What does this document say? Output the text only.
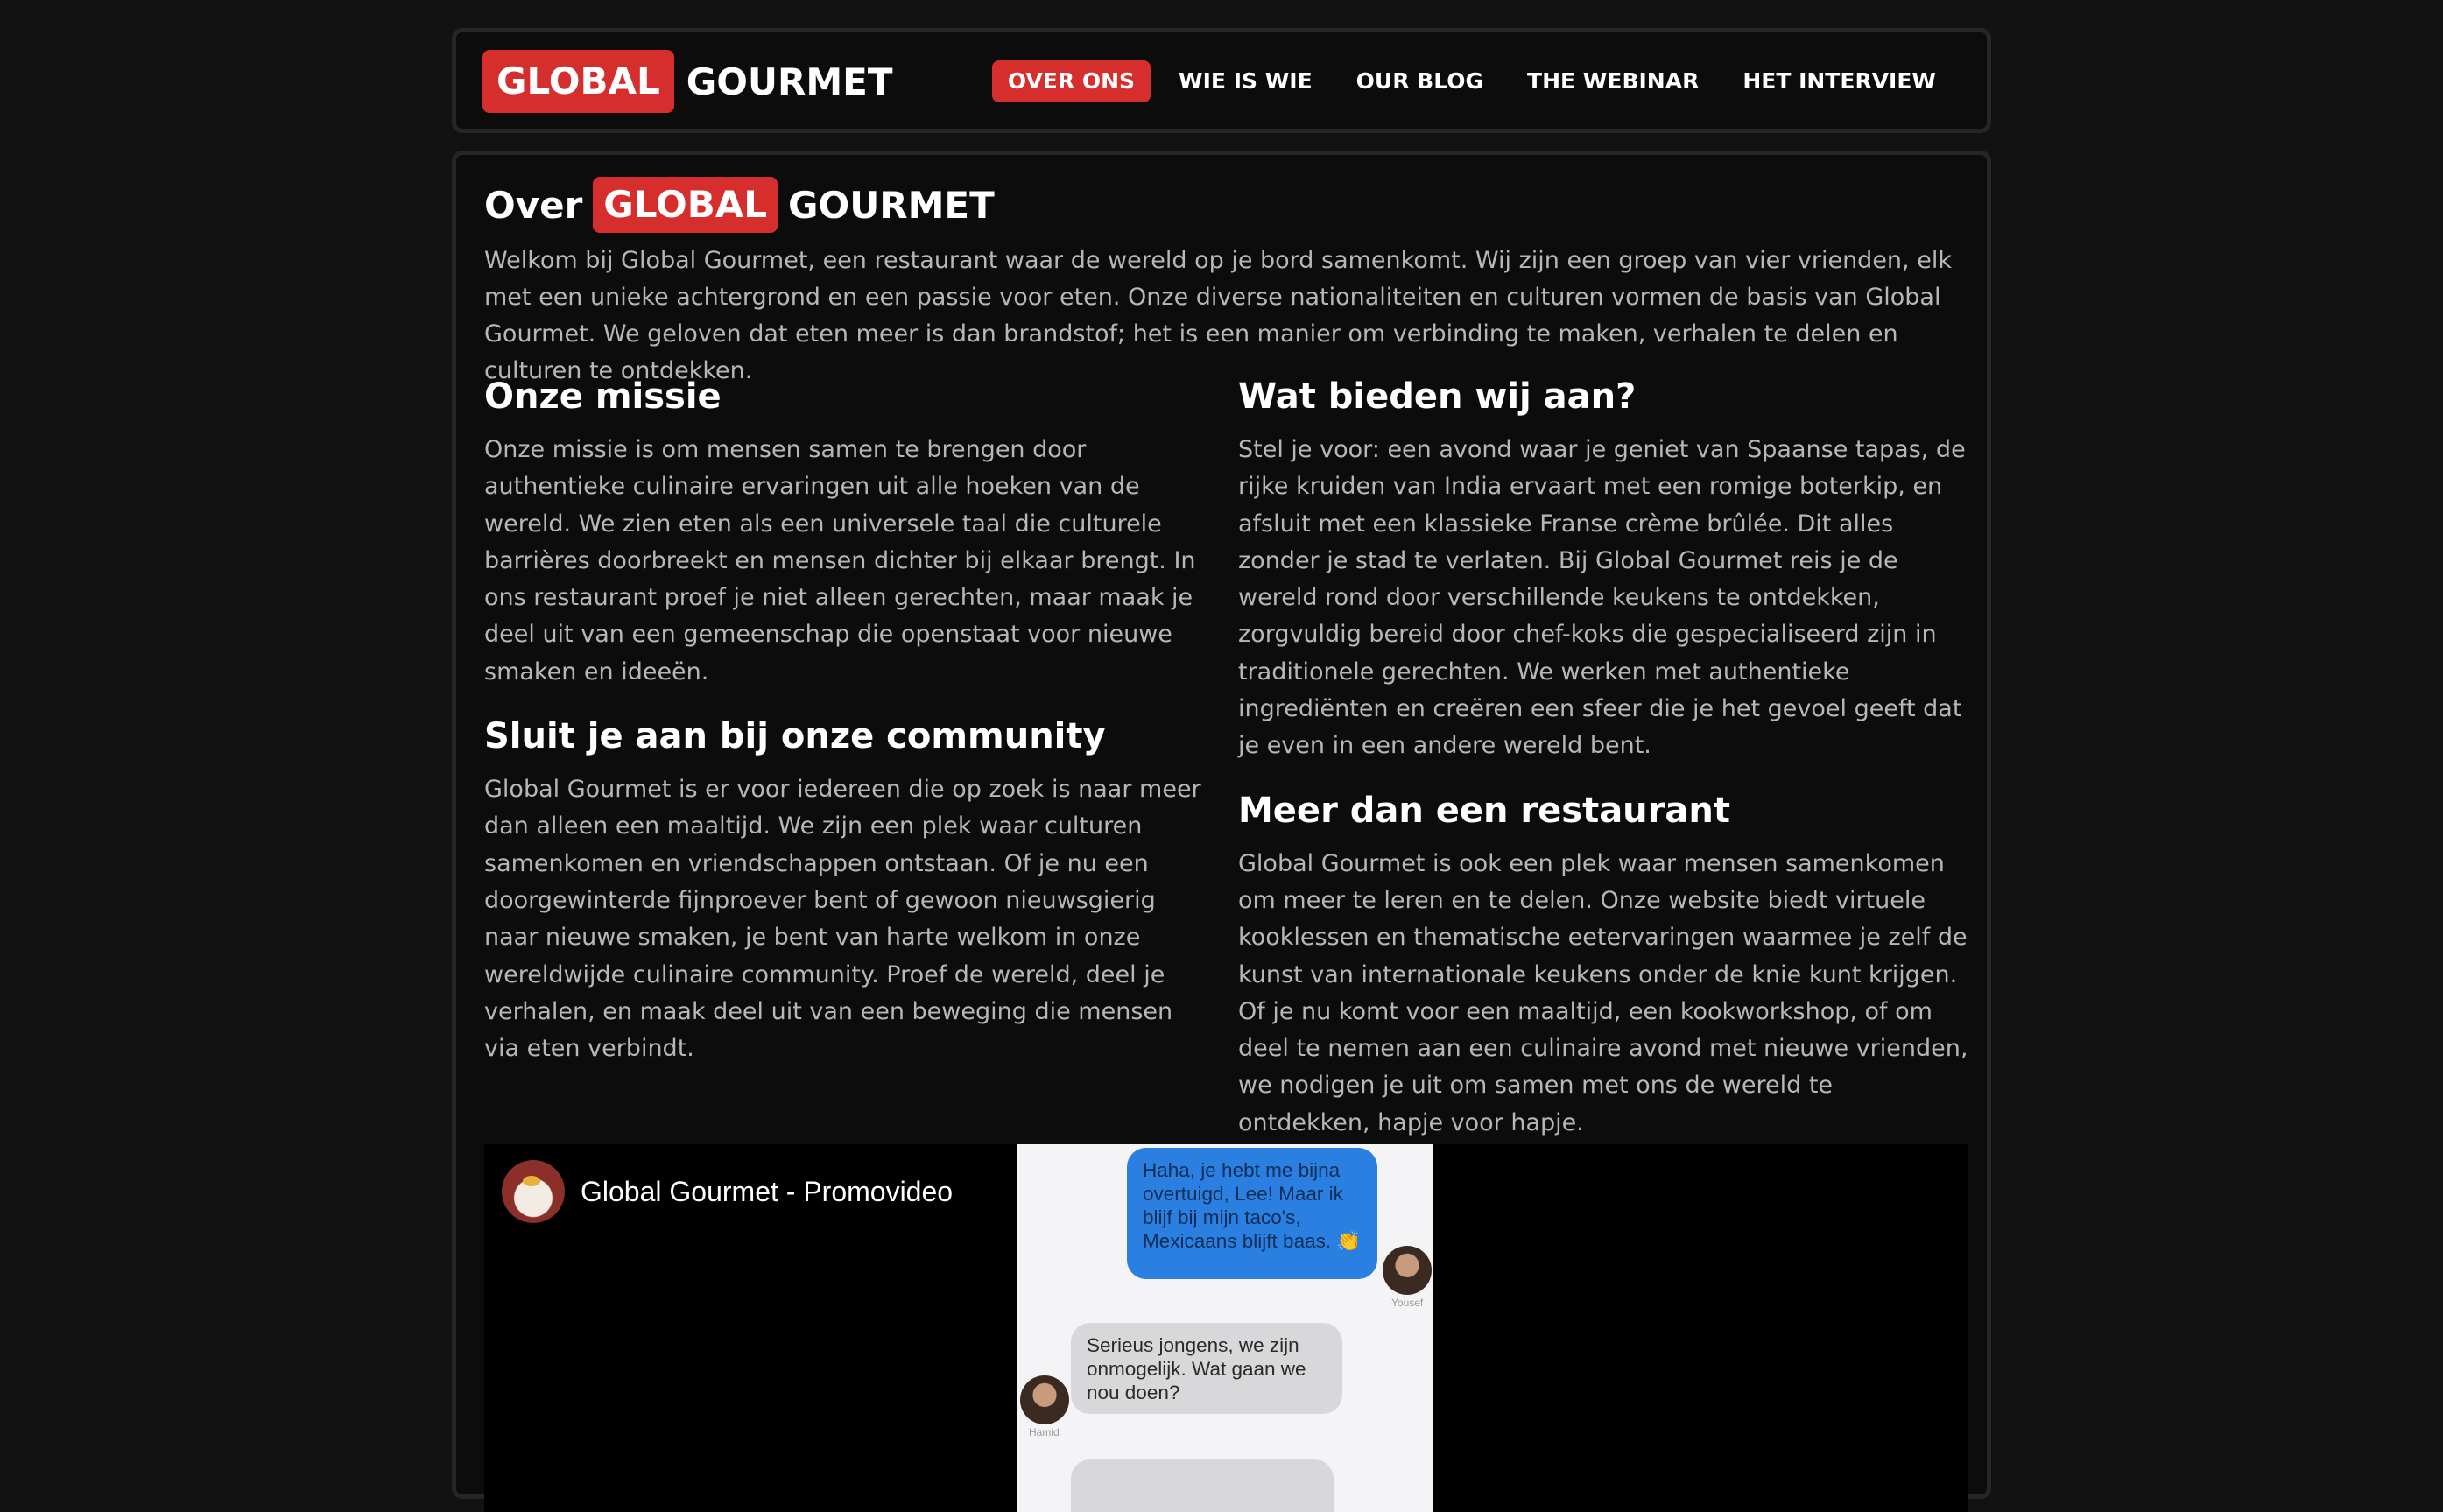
GLOBAL GOURMET	OVER ONS	WIE IS WIE	OUR BLOG	THE WEBINAR	HET INTERVIEW
Over GLOBAL GOURMET

Welkom bij Global Gourmet, een restaurant waar de wereld op je bord samenkomt. Wij zijn een groep van vier vrienden, elk met een unieke achtergrond en een passie voor eten. Onze diverse nationaliteiten en culturen vormen de basis van Global Gourmet. We geloven dat eten meer is dan brandstof; het is een manier om verbinding te maken, verhalen te delen en culturen te ontdekken.

Onze missie

Onze missie is om mensen samen te brengen door authentieke culinaire ervaringen uit alle hoeken van de wereld. We zien eten als een universele taal die culturele barrières doorbreekt en mensen dichter bij elkaar brengt. In ons restaurant proef je niet alleen gerechten, maar maak je deel uit van een gemeenschap die openstaat voor nieuwe smaken en ideeën.

Sluit je aan bij onze community

Global Gourmet is er voor iedereen die op zoek is naar meer dan alleen een maaltijd. We zijn een plek waar culturen samenkomen en vriendschappen ontstaan. Of je nu een doorgewinterde fijnproever bent of gewoon nieuwsgierig naar nieuwe smaken, je bent van harte welkom in onze wereldwijde culinaire community. Proef de wereld, deel je verhalen, en maak deel uit van een beweging die mensen via eten verbindt.

Wat bieden wij aan?

Stel je voor: een avond waar je geniet van Spaanse tapas, de rijke kruiden van India ervaart met een romige boterkip, en afsluit met een klassieke Franse crème brûlée. Dit alles zonder je stad te verlaten. Bij Global Gourmet reis je de wereld rond door verschillende keukens te ontdekken, zorgvuldig bereid door chef-koks die gespecialiseerd zijn in traditionele gerechten. We werken met authentieke ingrediënten en creëren een sfeer die je het gevoel geeft dat je even in een andere wereld bent.

Meer dan een restaurant

Global Gourmet is ook een plek waar mensen samenkomen om meer te leren en te delen. Onze website biedt virtuele kooklessen en thematische eetervaringen waarmee je zelf de kunst van internationale keukens onder de knie kunt krijgen. Of je nu komt voor een maaltijd, een kookworkshop, of om deel te nemen aan een culinaire avond met nieuwe vrienden, we nodigen je uit om samen met ons de wereld te ontdekken, hapje voor hapje.

Global Gourmet - Promovideo
Haha, je hebt me bijna overtuigd, Lee! Maar ik blijf bij mijn taco's, Mexicaans blijft baas. 👏
Yousef
Serieus jongens, we zijn onmogelijk. Wat gaan we nou doen?
Hamid
